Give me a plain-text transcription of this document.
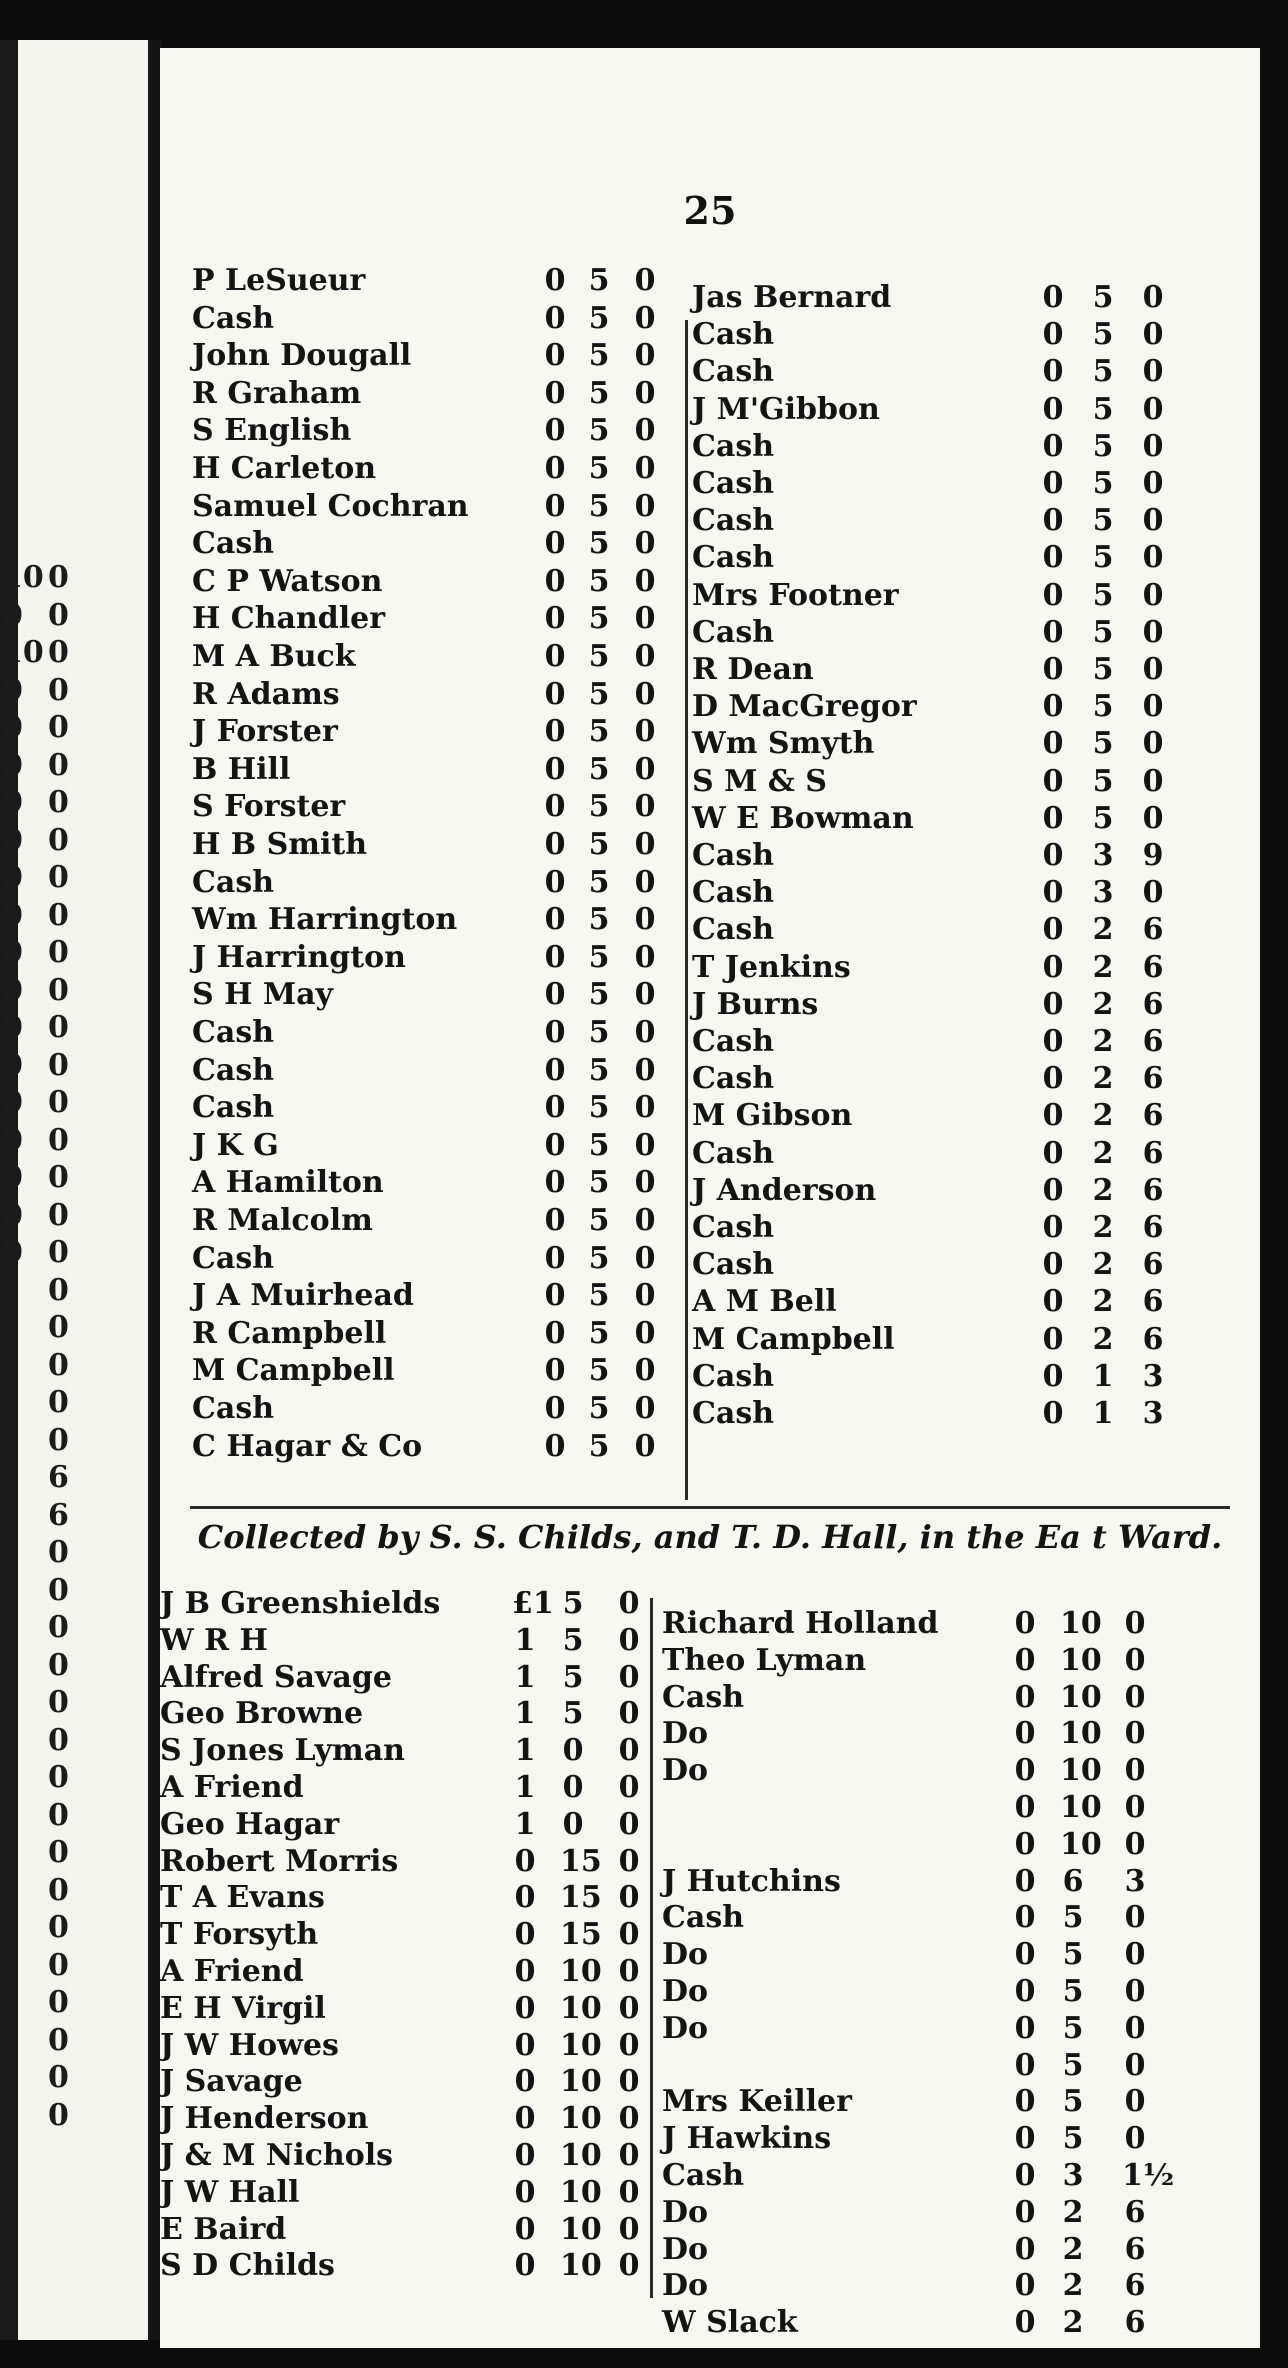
10 0
0 0
10 0
0 0
0 0
0 0
0 0
0 0
0 0
0 0
0 0
0 0
0 0
0 0
0 0
0 0
0 0
0 0
0 0
0
0
0
0
0
6
6
0
0
0
0
0
0
0
0
0
0
0
0
0
0
0
0
25
Collected by S. S. Childs, and T. D. Hall, in the Ea t Ward.
P LeSueur	0 5 0
Cash	0 5 0
John Dougall	0 5 0
R Graham	0 5 0
S English	0 5 0
H Carleton	0 5 0
Samuel Cochran	0 5 0
Cash	0 5 0
C P Watson	0 5 0
H Chandler	0 5 0
M A Buck	0 5 0
R Adams	0 5 0
J Forster	0 5 0
B Hill	0 5 0
S Forster	0 5 0
H B Smith	0 5 0
Cash	0 5 0
Wm Harrington	0 5 0
J Harrington	0 5 0
S H May	0 5 0
Cash	0 5 0
Cash	0 5 0
Cash	0 5 0
J K G	0 5 0
A Hamilton	0 5 0
R Malcolm	0 5 0
Cash	0 5 0
J A Muirhead	0 5 0
R Campbell	0 5 0
M Campbell	0 5 0
Cash	0 5 0
C Hagar & Co	0 5 0
Jas Bernard	0 5 0
Cash	0 5 0
Cash	0 5 0
J M'Gibbon	0 5 0
Cash	0 5 0
Cash	0 5 0
Cash	0 5 0
Cash	0 5 0
Mrs Footner	0 5 0
Cash	0 5 0
R Dean	0 5 0
D MacGregor	0 5 0
Wm Smyth	0 5 0
S M & S	0 5 0
W E Bowman	0 5 0
Cash	0 3 9
Cash	0 3 0
Cash	0 2 6
T Jenkins	0 2 6
J Burns	0 2 6
Cash	0 2 6
Cash	0 2 6
M Gibson	0 2 6
Cash	0 2 6
J Anderson	0 2 6
Cash	0 2 6
Cash	0 2 6
A M Bell	0 2 6
M Campbell	0 2 6
Cash	0 1 3
Cash	0 1 3
J B Greenshields £1 5 0
W R H	1 5 0
Alfred Savage	1 5 0
Geo Browne	1 5 0
S Jones Lyman	1 0 0
A Friend	1 0 0
Geo Hagar	1 0 0
Robert Morris	0 15 0
T A Evans	0 15 0
T Forsyth	0 15 0
A Friend	0 10 0
E H Virgil	0 10 0
J W Howes	0 10 0
J Savage	0 10 0
J Henderson	0 10 0
J & M Nichols	0 10 0
J W Hall	0 10 0
E Baird	0 10 0
S D Childs	0 10 0
Richard Holland	0 10 0
Theo Lyman	0 10 0
Cash	0 10 0
Do	0 10 0
Do	0 10 0
0 10 0
0 10 0
J Hutchins	0 6 3
Cash	0 5 0
Do	0 5 0
Do	0 5 0
Do	0 5 0
0 5 0
Mrs Keiller	0 5 0
J Hawkins	0 5 0
Cash	0 3 1½
Do	0 2 6
Do	0 2 6
Do	0 2 6
W Slack	0 2 6
